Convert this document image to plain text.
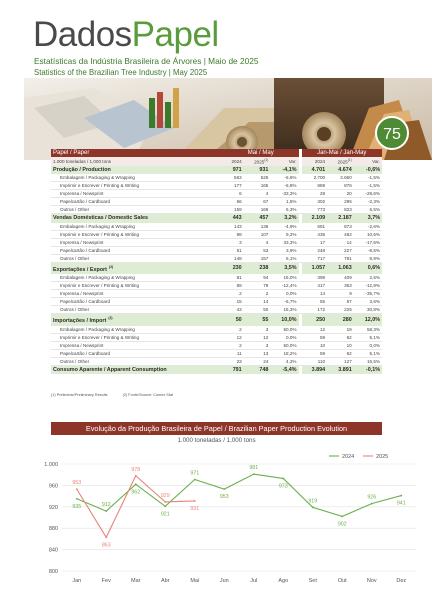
DadosPapel
Estatísticas da Indústria Brasileira de Árvores | Maio de 2025
Statistics of the Brazilian Tree Industry | May 2025
75
Papel / Paper	Mai / May				Jan-Mai / Jan-May		
1.000 toneladas / 1,000 tons	2024	2025$^{(1)}$	Var.		2024	2025$^{(1)}$	Var.
Produção / Production	971	931	-4,1%		4.701	4.674	-0,6%
Embalagem / Packaging & Wrapping	563	526	-6,6%		2.700	2.660	-1,5%
Imprimir e Escrever / Printing & Writing	177	165	-6,8%		889	876	-1,5%
Imprensa / Newsprint	6	4	-33,3%		28	20	-28,6%
Papelcartão / Cardboard	66	67	1,5%		302	295	-2,3%
Outros / Other	159	169	6,3%		773	823	6,5%
Vendas Domésticas / Domestic Sales	443	457	3,2%		2.109	2.187	3,7%
Embalagem / Packaging & Wrapping	143	136	-4,9%		691	673	-2,6%
Imprimir e Escrever / Printing & Writing	98	107	9,2%		436	482	10,6%
Imprensa / Newsprint	3	4	33,3%		17	14	-17,6%
Papelcartão / Cardboard	51	53	3,9%		248	227	-8,5%
Outros / Other	148	157	6,1%		717	781	8,9%
Exportações / Export $^{(2)}$	230	238	3,5%		1.057	1.063	0,6%
Embalagem / Packaging & Wrapping	81	94	16,0%		399	409	2,5%
Imprimir e Escrever / Printing & Writing	89	78	-12,4%		417	363	-12,9%
Imprensa / Newsprint	2	2	0,0%		14	9	-35,7%
Papelcartão / Cardboard	15	14	-6,7%		55	57	3,6%
Outros / Other	43	50	16,3%		172	225	30,8%
Importações / Import $^{(2)}$	50	55	10,0%		250	280	12,0%
Embalagem / Packaging & Wrapping	2	3	50,0%		12	19	58,3%
Imprimir e Escrever / Printing & Writing	12	12	0,0%		59	62	5,1%
Imprensa / Newsprint	2	3	50,0%		10	10	0,0%
Papelcartão / Cardboard	11	13	18,2%		59	62	5,1%
Outros / Other	23	24	4,3%		110	127	15,5%
Consumo Aparente / Apparent Consumption	791	748	-5,4%		3.894	3.891	-0,1%
(1) Preliminar/Preliminary Results	(2) Fonte/Source: Comex Stat
Evolução da Produção Brasileira de Papel / Brazilian Paper Production Evolution
1.000 toneladas / 1,000 tons
800
840
880
920
960
1.000
Jan	Fev	Mar	Abr	Mai	Jun	Jul	Ago	Set	Out	Nov	Dez
935	912
962
921
971
953
981
973
919
902
926
941
953
863
978
929
931
2024	2025
